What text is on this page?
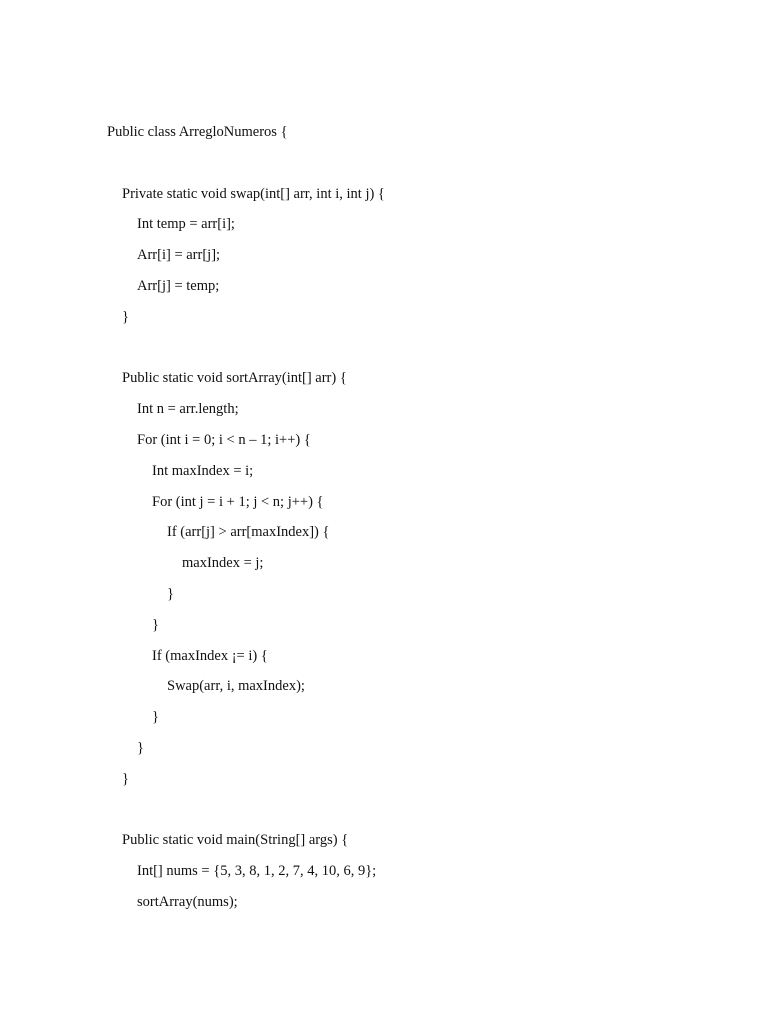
Public class ArregloNumeros {
Private static void swap(int[] arr, int i, int j) {
Int temp = arr[i];
Arr[i] = arr[j];
Arr[j] = temp;
}
Public static void sortArray(int[] arr) {
Int n = arr.length;
For (int i = 0; i < n – 1; i++) {
Int maxIndex = i;
For (int j = i + 1; j < n; j++) {
If (arr[j] > arr[maxIndex]) {
maxIndex = j;
}
}
If (maxIndex ¡= i) {
Swap(arr, i, maxIndex);
}
}
}
Public static void main(String[] args) {
Int[] nums = {5, 3, 8, 1, 2, 7, 4, 10, 6, 9};
sortArray(nums);
